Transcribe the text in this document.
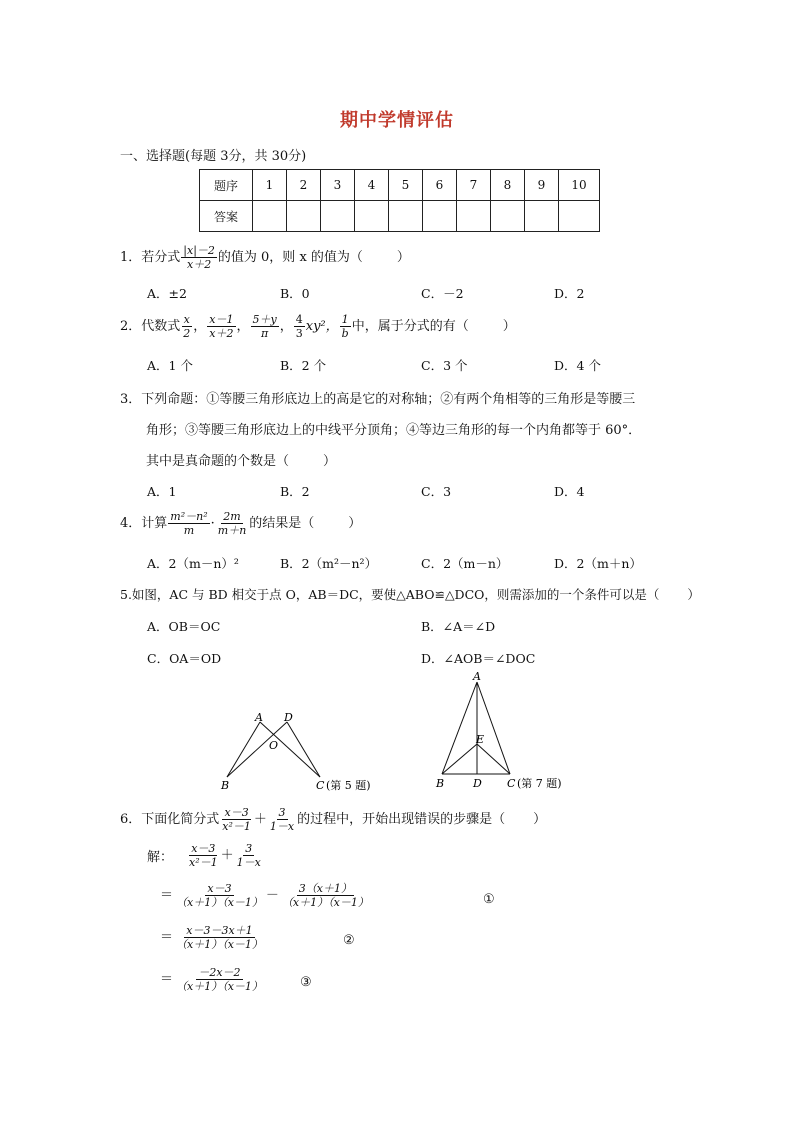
期中学情评估
一、选择题(每题 3分，共 30分)
题序	1	2	3	4	5	6	7	8	9	10
答案										
1．若分式 $\frac{|x|-2}{x+2}$ 的值为 0，则 x 的值为（	）
A．±2	B．0	C．－2	D．2
2．代数式 $\frac{x}{2}$ ， $\frac{x-1}{x+2}$ ， $\frac{5+y}{\pi}$ ， $\frac{4}{3} xy^2$， $\frac{1}{b}$ 中，属于分式的有（	）
A．1 个	B．2 个	C．3 个	D．4 个
3．下列命题：①等腰三角形底边上的高是它的对称轴；②有两个角相等的三角形是等腰三
角形；③等腰三角形底边上的中线平分顶角；④等边三角形的每一个内角都等于 60°．
其中是真命题的个数是（	）
A．1	B．2	C．3	D．4
4．计算 $\frac{\text{m²－n²}}{m} \cdot \frac{2m}{m+n}$ 的结果是（	）
A．2（m－n）²	B．2（m²－n²）	C．2（m－n）	D．2（m＋n）
5.如图，AC 与 BD 相交于点 O，AB＝DC，要使△ABO≌△DCO，则需添加的一个条件可以是（ ）
A．OB＝OC	B．∠A＝∠D
C．OA＝OD	D．∠AOB＝∠DOC
A D
O
B	C (第 5 题)
A
E
B	D C (第 7 题)
6．下面化简分式 $\frac{x-3}{\text{x²－1}} + \frac{3}{1-x}$ 的过程中，开始出现错误的步骤是（ ）
解： $\frac{x-3}{\text{x²－1}} + \frac{3}{1-x}$
＝ $\frac{x-3}{(x+1)(x-1)} - \frac{3(x+1)}{(x+1)(x-1)}$	①
＝ $\frac{x-3-3x+1}{(x+1)(x-1)}$	②
＝ $\frac{-2x-2}{(x+1)(x-1)}$	③
